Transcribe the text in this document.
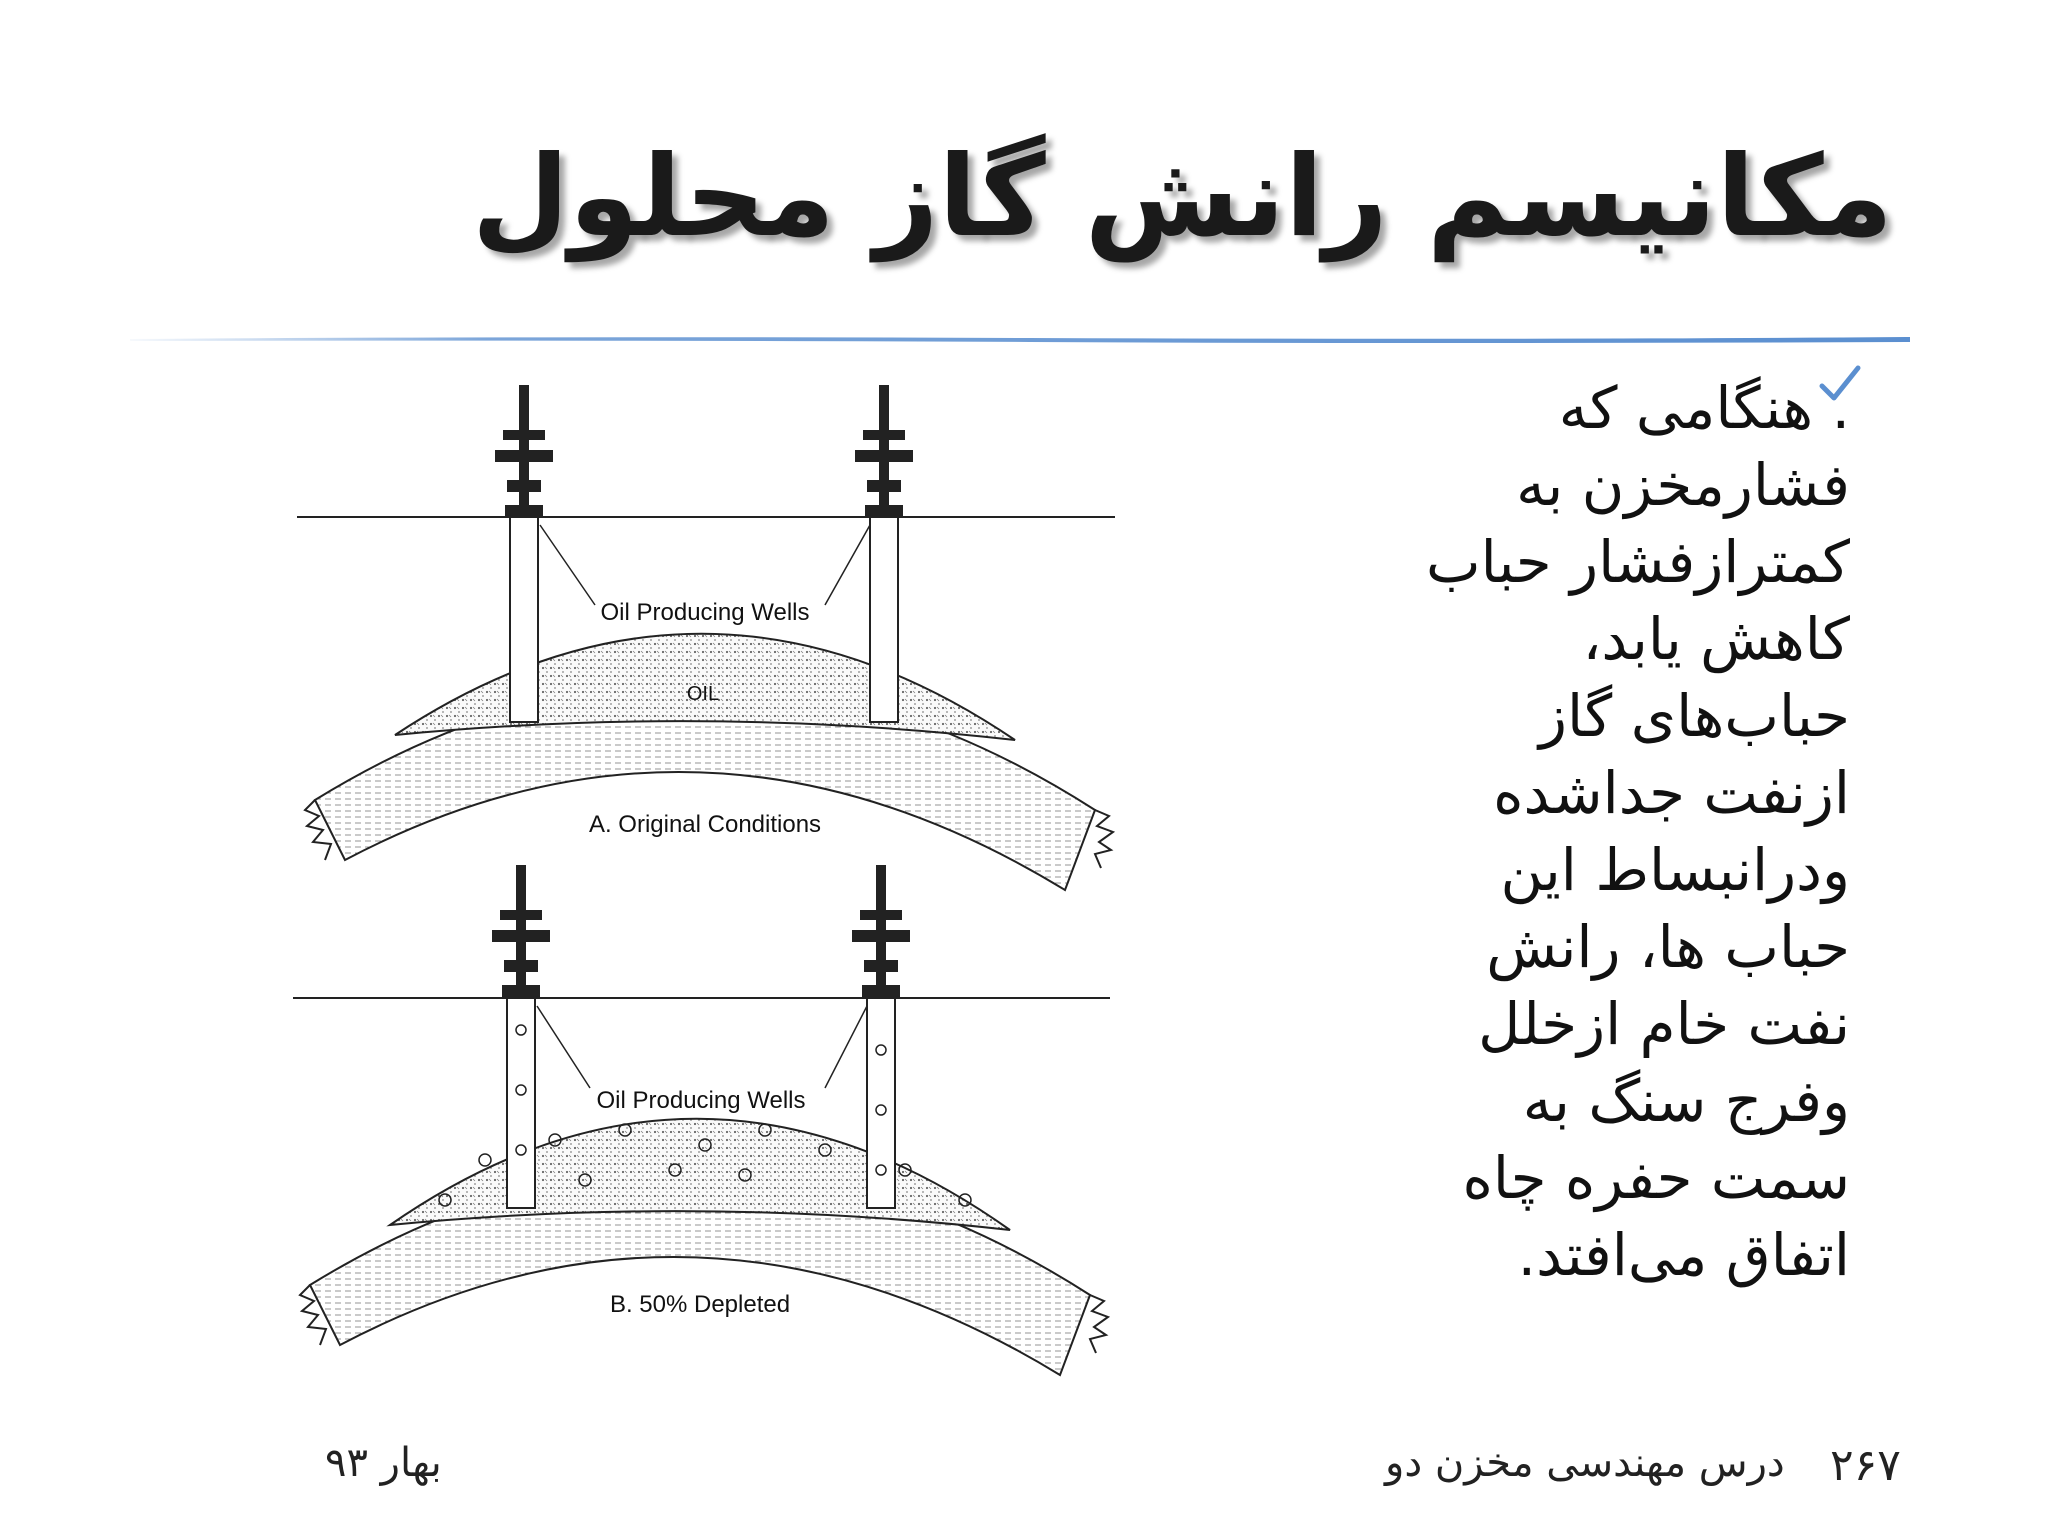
مکانیسم رانش گاز محلول
Oil Producing Wells
OIL
A. Original Conditions
Oil Producing Wells
B. 50% Depleted
. هنگامی که فشارمخزن به کمترازفشار حباب کاهش یابد، حباب‌های گاز ازنفت جداشده ودرانبساط این حباب ها، رانش نفت خام ازخلل وفرج سنگ به سمت حفره چاه اتفاق می‌افتد.
بهار ۹۳	درس مهندسی مخزن دو ۲۶۷
